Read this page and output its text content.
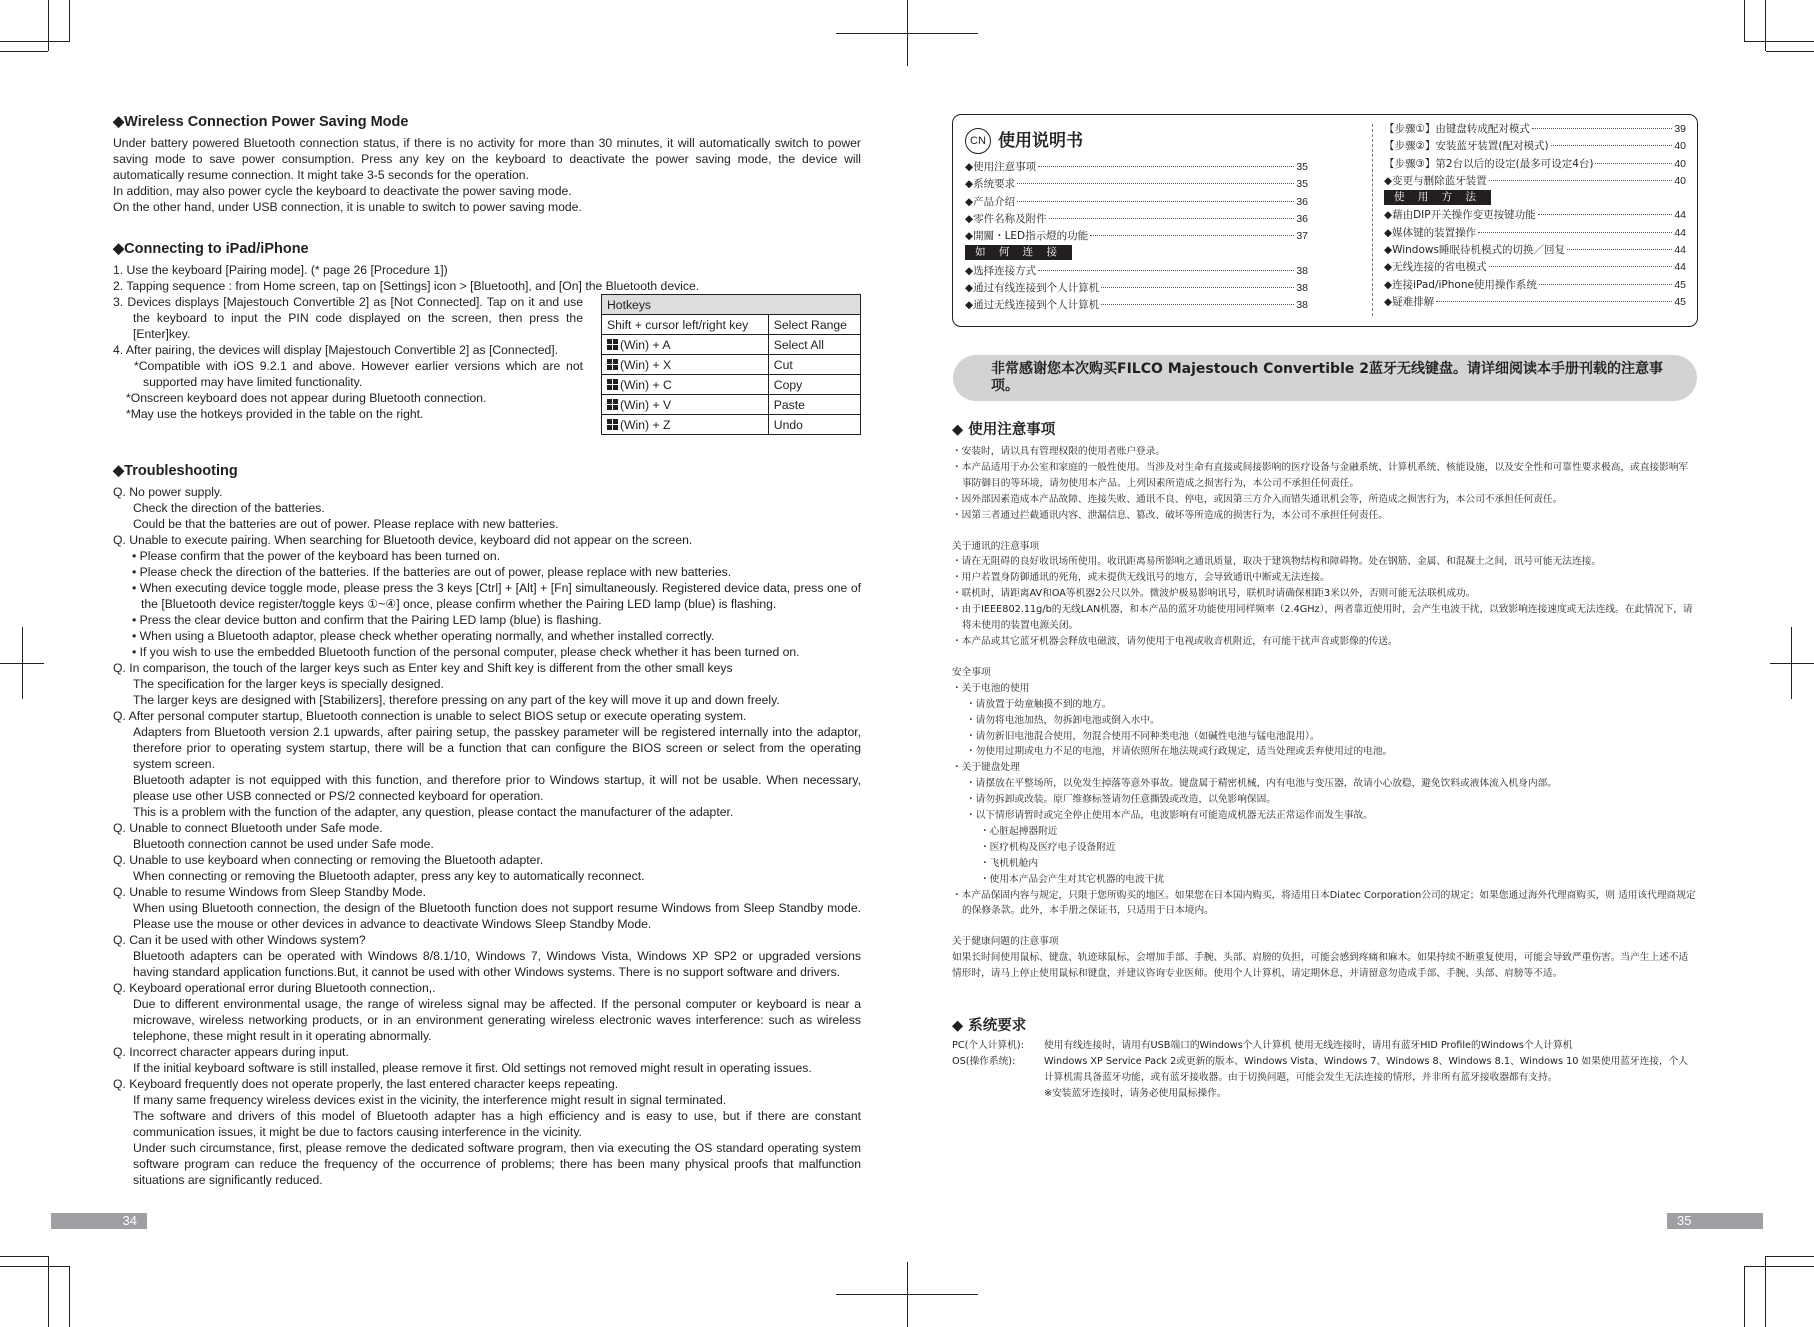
◆Wireless Connection Power Saving Mode

Under battery powered Bluetooth connection status, if there is no activity for more than 30 minutes, it will automatically switch to power saving mode to save power consumption. Press any key on the keyboard to deactivate the power saving mode, the device will automatically resume connection. It might take 3-5 seconds for the operation.

In addition, may also power cycle the keyboard to deactivate the power saving mode.

On the other hand, under USB connection, it is unable to switch to power saving mode.

◆Connecting to iPad/iPhone

1. Use the keyboard [Pairing mode]. (* page 26 [Procedure 1])

2. Tapping sequence : from Home screen, tap on [Settings] icon > [Bluetooth], and [On] the Bluetooth device.

3. Devices displays [Majestouch Convertible 2] as [Not Connected]. Tap on it and use the keyboard to input the PIN code displayed on the screen, then press the [Enter]key.

4. After pairing, the devices will display [Majestouch Convertible 2] as [Connected].

*Compatible with iOS 9.2.1 and above. However earlier versions which are not supported may have limited functionality.

*Onscreen keyboard does not appear during Bluetooth connection.

*May use the hotkeys provided in the table on the right.

Hotkeys	
Shift + cursor left/right key	Select Range
(Win) + A	Select All
(Win) + X	Cut
(Win) + C	Copy
(Win) + V	Paste
(Win) + Z	Undo

◆Troubleshooting

Q. No power supply.

Check the direction of the batteries.

Could be that the batteries are out of power. Please replace with new batteries.

Q. Unable to execute pairing. When searching for Bluetooth device, keyboard did not appear on the screen.

• Please confirm that the power of the keyboard has been turned on.

• Please check the direction of the batteries. If the batteries are out of power, please replace with new batteries.

• When executing device toggle mode, please press the 3 keys [Ctrl] + [Alt] + [Fn] simultaneously. Registered device data, press one of the [Bluetooth device register/toggle keys ①~④] once, please confirm whether the Pairing LED lamp (blue) is flashing.

• Press the clear device button and confirm that the Pairing LED lamp (blue) is flashing.

• When using a Bluetooth adaptor, please check whether operating normally, and whether installed correctly.

• If you wish to use the embedded Bluetooth function of the personal computer, please check whether it has been turned on.

Q. In comparison, the touch of the larger keys such as Enter key and Shift key is different from the other small keys

The specification for the larger keys is specially designed.

The larger keys are designed with [Stabilizers], therefore pressing on any part of the key will move it up and down freely.

Q. After personal computer startup, Bluetooth connection is unable to select BIOS setup or execute operating system.

Adapters from Bluetooth version 2.1 upwards, after pairing setup, the passkey parameter will be registered internally into the adaptor, therefore prior to operating system startup, there will be a function that can configure the BIOS screen or select from the operating system screen.

Bluetooth adapter is not equipped with this function, and therefore prior to Windows startup, it will not be usable. When necessary, please use other USB connected or PS/2 connected keyboard for operation.

This is a problem with the function of the adapter, any question, please contact the manufacturer of the adapter.

Q. Unable to connect Bluetooth under Safe mode.

Bluetooth connection cannot be used under Safe mode.

Q. Unable to use keyboard when connecting or removing the Bluetooth adapter.

When connecting or removing the Bluetooth adapter, press any key to automatically reconnect.

Q. Unable to resume Windows from Sleep Standby Mode.

When using Bluetooth connection, the design of the Bluetooth function does not support resume Windows from Sleep Standby mode. Please use the mouse or other devices in advance to deactivate Windows Sleep Standby Mode.

Q. Can it be used with other Windows system?

Bluetooth adapters can be operated with Windows 8/8.1/10, Windows 7, Windows Vista, Windows XP SP2 or upgraded versions having standard application functions.But, it cannot be used with other Windows systems. There is no support software and drivers.

Q. Keyboard operational error during Bluetooth connection,.

Due to different environmental usage, the range of wireless signal may be affected. If the personal computer or keyboard is near a microwave, wireless networking products, or in an environment generating wireless electronic waves interference: such as wireless telephone, these might result in it operating abnormally.

Q. Incorrect character appears during input.

If the initial keyboard software is still installed, please remove it first. Old settings not removed might result in operating issues.

Q. Keyboard frequently does not operate properly, the last entered character keeps repeating.

If many same frequency wireless devices exist in the vicinity, the interference might result in signal terminated.

The software and drivers of this model of Bluetooth adapter has a high efficiency and is easy to use, but if there are constant communication issues, it might be due to factors causing interference in the vicinity.

Under such circumstance, first, please remove the dedicated software program, then via executing the OS standard operating system software program can reduce the frequency of the occurrence of problems; there has been many physical proofs that malfunction situations are significantly reduced.

34
CN 使用说明书
◆使用注意事项	35
◆系统要求	35
◆产品介绍	36
◆零件名称及附件	36
◆開關・LED指示燈的功能	37
如 何 连 接
◆选择连接方式	38
◆通过有线连接到个人计算机	38
◆通过无线连接到个人计算机	38
【步骤①】由键盘转成配对模式	39
【步骤②】安装蓝牙装置(配对模式)	40
【步骤③】第2台以后的设定(最多可设定4台)	40
◆变更与删除蓝牙装置	40
使 用 方 法
◆藉由DIP开关操作变更按键功能	44
◆媒体键的装置操作	44
◆Windows睡眠待机模式的切换／回复	44
◆无线连接的省电模式	44
◆连接iPad/iPhone使用操作系统	45
◆疑难排解	45
非常感谢您本次购买FILCO Majestouch Convertible 2蓝牙无线键盘。请详细阅读本手册刊载的注意事项。
◆ 使用注意事项

・安装时，请以具有管理权限的使用者账户登录。

・本产品适用于办公室和家庭的一般性使用。当涉及对生命有直接或间接影响的医疗设备与金融系统、计算机系统、核能设施，以及安全性和可靠性要求极高，或直接影响军事防御目的等环境，请勿使用本产品。上列因素所造成之损害行为，本公司不承担任何责任。

・因外部因素造成本产品故障、连接失败、通讯不良、停电，或因第三方介入而错失通讯机会等，所造成之损害行为，本公司不承担任何责任。

・因第三者通过拦截通讯内容、泄漏信息、篡改、破坏等所造成的损害行为，本公司不承担任何责任。

关于通讯的注意事项

・请在无阻碍的良好收讯场所使用。收讯距离易所影响之通讯质量，取决于建筑物结构和障碍物。处在钢筋、金属、和混凝土之间，讯号可能无法连接。

・用户若置身防御通讯的死角，或未提供无线讯号的地方，会导致通讯中断或无法连接。

・联机时，请距离AV和OA等机器2公尺以外。微波炉极易影响讯号，联机时请确保相距3米以外，否则可能无法联机成功。

・由于IEEE802.11g/b的无线LAN机器，和本产品的蓝牙功能使用同样频率（2.4GHz），两者靠近使用时，会产生电波干扰，以致影响连接速度或无法连线。在此情况下，请将未使用的装置电源关闭。

・本产品或其它蓝牙机器会释放电磁波，请勿使用于电视或收音机附近，有可能干扰声音或影像的传送。

安全事项

・关于电池的使用

・请放置于幼童触摸不到的地方。

・请勿将电池加热，勿拆卸电池或倒入水中。

・请勿新旧电池混合使用，勿混合使用不同种类电池（如碱性电池与锰电池混用）。

・勿使用过期或电力不足的电池，并请依照所在地法规或行政规定，适当处理或丢弃使用过的电池。

・关于键盘处理

・请摆放在平整场所，以免发生掉落等意外事故。键盘属于精密机械，内有电池与变压器，故请小心放稳，避免饮料或液体流入机身内部。

・请勿拆卸或改装。原厂维修标签请勿任意撕毁或改造，以免影响保固。

・以下情形请暂时或完全停止使用本产品，电波影响有可能造成机器无法正常运作而发生事故。

・心脏起搏器附近

・医疗机构及医疗电子设备附近

・飞机机舱内

・使用本产品会产生对其它机器的电波干扰

・本产品保固内容与规定，只限于您所购买的地区。如果您在日本国内购买，将适用日本Diatec Corporation公司的规定；如果您通过海外代理商购买，则 适用该代理商规定的保修条款。此外，本手册之保证书，只适用于日本境内。

关于健康问题的注意事项

如果长时间使用鼠标、键盘、轨迹球鼠标，会增加手部、手腕、头部、肩膀的负担，可能会感到疼痛和麻木。如果持续不断重复使用，可能会导致严重伤害。当产生上述不适情形时，请马上停止使用鼠标和键盘，并建议咨询专业医师。使用个人计算机，请定期休息，并请留意勿造成手部、手腕、头部、肩膀等不适。

◆ 系统要求
PC(个人计算机):	使用有线连接时，请用有USB端口的Windows个人计算机 使用无线连接时，请用有蓝牙HID Profile的Windows个人计算机
OS(操作系统):	Windows XP Service Pack 2或更新的版本、Windows Vista、Windows 7、Windows 8、Windows 8.1、Windows 10 如果使用蓝牙连接，个人计算机需具备蓝牙功能，或有蓝牙接收器。由于切换问题，可能会发生无法连接的情形，并非所有蓝牙接收器都有支持。
※安装蓝牙连接时，请务必使用鼠标操作。
35
